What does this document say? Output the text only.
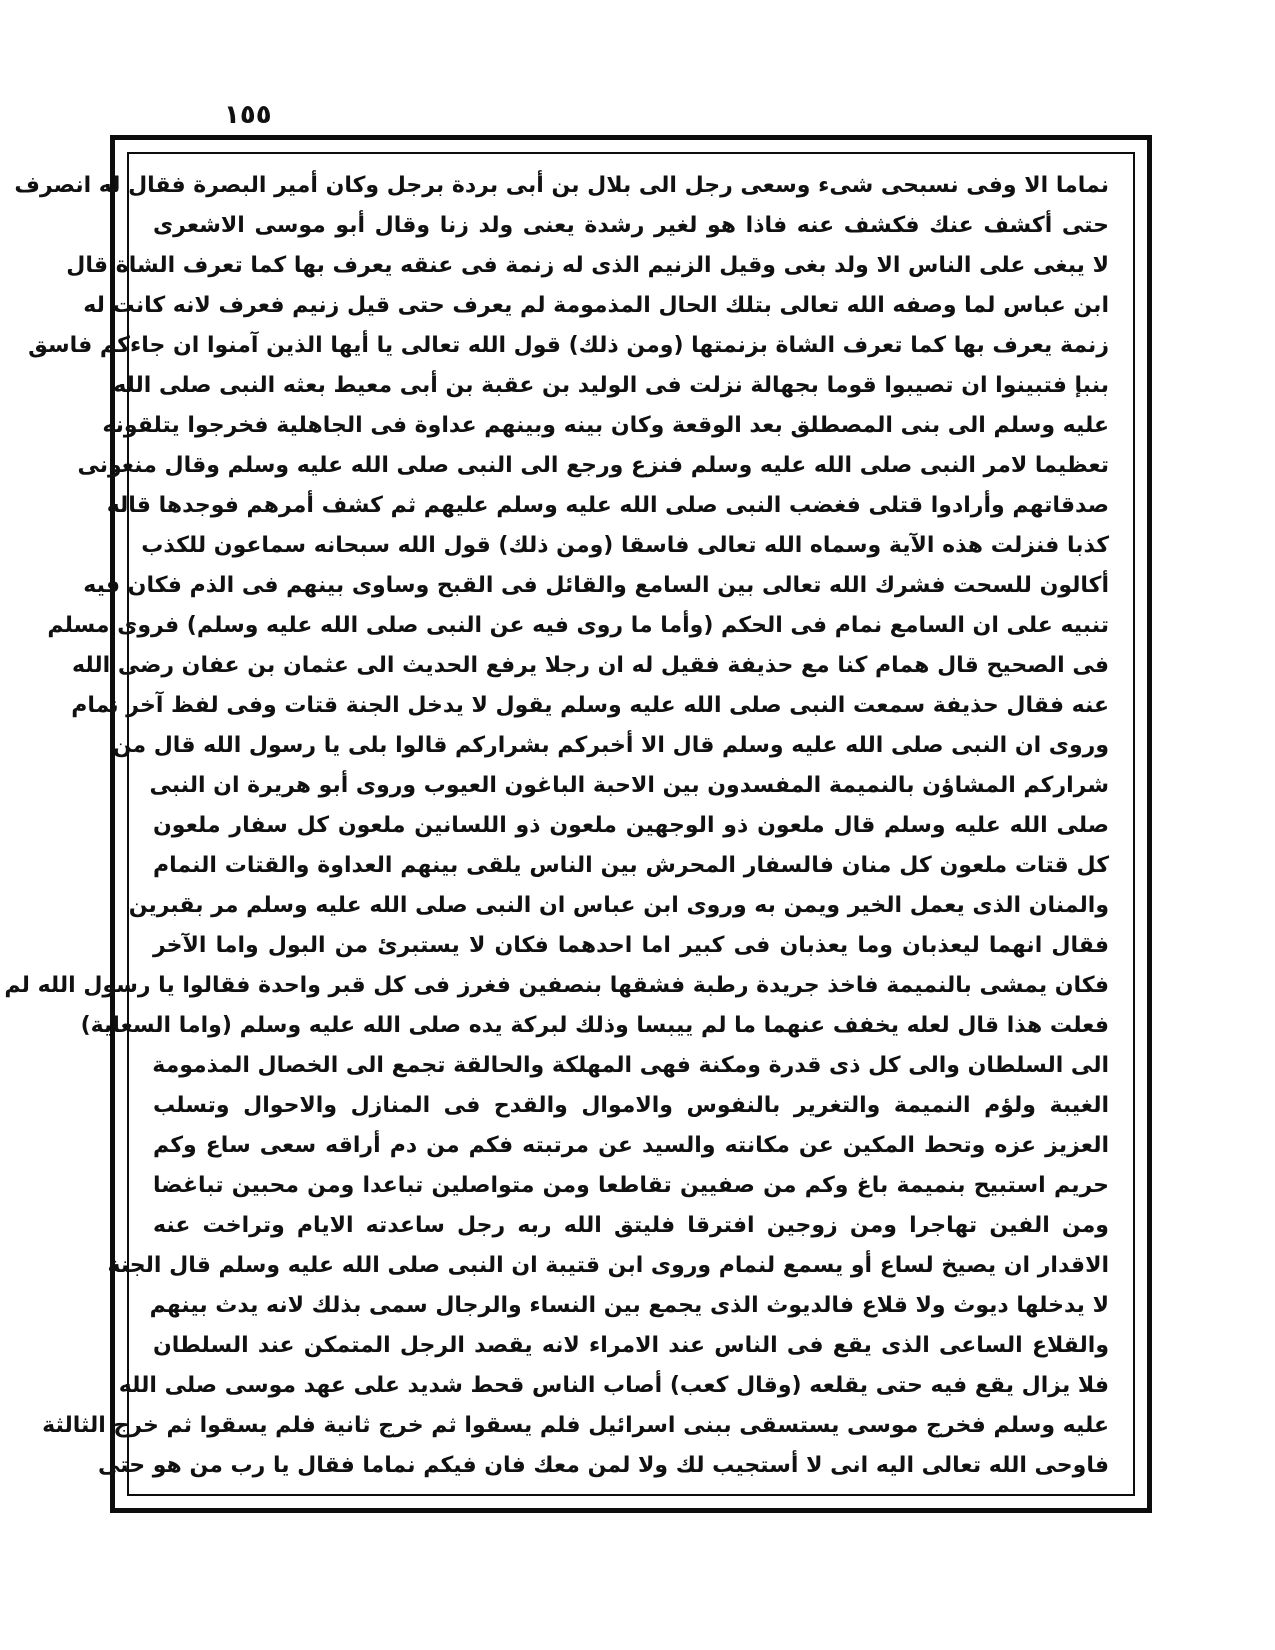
١٥٥
نماما الا وفى نسبحى شىء وسعى رجل الى بلال بن أبى بردة برجل وكان أمير البصرة فقال له انصرف
حتى أكشف عنك فكشف عنه فاذا هو لغير رشدة يعنى ولد زنا وقال أبو موسى الاشعرى
لا يبغى على الناس الا ولد بغى وقيل الزنيم الذى له زنمة فى عنقه يعرف بها كما تعرف الشاة قال
ابن عباس لما وصفه الله تعالى بتلك الحال المذمومة لم يعرف حتى قيل زنيم فعرف لانه كانت له
زنمة يعرف بها كما تعرف الشاة بزنمتها (ومن ذلك) قول الله تعالى يا أيها الذين آمنوا ان جاءكم فاسق
بنبإ فتبينوا ان تصيبوا قوما بجهالة نزلت فى الوليد بن عقبة بن أبى معيط بعثه النبى صلى الله
عليه وسلم الى بنى المصطلق بعد الوقعة وكان بينه وبينهم عداوة فى الجاهلية فخرجوا يتلقونه
تعظيما لامر النبى صلى الله عليه وسلم فنزع ورجع الى النبى صلى الله عليه وسلم وقال منعونى
صدقاتهم وأرادوا قتلى فغضب النبى صلى الله عليه وسلم عليهم ثم كشف أمرهم فوجدها قاله
كذبا فنزلت هذه الآية وسماه الله تعالى فاسقا (ومن ذلك) قول الله سبحانه سماعون للكذب
أكالون للسحت فشرك الله تعالى بين السامع والقائل فى القبح وساوى بينهم فى الذم فكان فيه
تنبيه على ان السامع نمام فى الحكم (وأما ما روى فيه عن النبى صلى الله عليه وسلم) فروى مسلم
فى الصحيح قال همام كنا مع حذيفة فقيل له ان رجلا يرفع الحديث الى عثمان بن عفان رضى الله
عنه فقال حذيفة سمعت النبى صلى الله عليه وسلم يقول لا يدخل الجنة قتات وفى لفظ آخر نمام
وروى ان النبى صلى الله عليه وسلم قال الا أخبركم بشراركم قالوا بلى يا رسول الله قال من
شراركم المشاؤن بالنميمة المفسدون بين الاحبة الباغون العيوب وروى أبو هريرة ان النبى
صلى الله عليه وسلم قال ملعون ذو الوجهين ملعون ذو اللسانين ملعون كل سفار ملعون
كل قتات ملعون كل منان فالسفار المحرش بين الناس يلقى بينهم العداوة والقتات النمام
والمنان الذى يعمل الخير ويمن به وروى ابن عباس ان النبى صلى الله عليه وسلم مر بقبرين
فقال انهما ليعذبان وما يعذبان فى كبير اما احدهما فكان لا يستبرئ من البول واما الآخر
فكان يمشى بالنميمة فاخذ جريدة رطبة فشقها بنصفين فغرز فى كل قبر واحدة فقالوا يا رسول الله لم
فعلت هذا قال لعله يخفف عنهما ما لم ييبسا وذلك لبركة يده صلى الله عليه وسلم (واما السعاية)
الى السلطان والى كل ذى قدرة ومكنة فهى المهلكة والحالقة تجمع الى الخصال المذمومة
الغيبة ولؤم النميمة والتغرير بالنفوس والاموال والقدح فى المنازل والاحوال وتسلب
العزيز عزه وتحط المكين عن مكانته والسيد عن مرتبته فكم من دم أراقه سعى ساع وكم
حريم استبيح بنميمة باغ وكم من صفيين تقاطعا ومن متواصلين تباعدا ومن محبين تباغضا
ومن الفين تهاجرا ومن زوجين افترقا فليتق الله ربه رجل ساعدته الايام وتراخت عنه
الاقدار ان يصيخ لساع أو يسمع لنمام وروى ابن قتيبة ان النبى صلى الله عليه وسلم قال الجنة
لا يدخلها ديوث ولا قلاع فالديوث الذى يجمع بين النساء والرجال سمى بذلك لانه يدث بينهم
والقلاع الساعى الذى يقع فى الناس عند الامراء لانه يقصد الرجل المتمكن عند السلطان
فلا يزال يقع فيه حتى يقلعه (وقال كعب) أصاب الناس قحط شديد على عهد موسى صلى الله
عليه وسلم فخرج موسى يستسقى ببنى اسرائيل فلم يسقوا ثم خرج ثانية فلم يسقوا ثم خرج الثالثة
فاوحى الله تعالى اليه انى لا أستجيب لك ولا لمن معك فان فيكم نماما فقال يا رب من هو حتى
